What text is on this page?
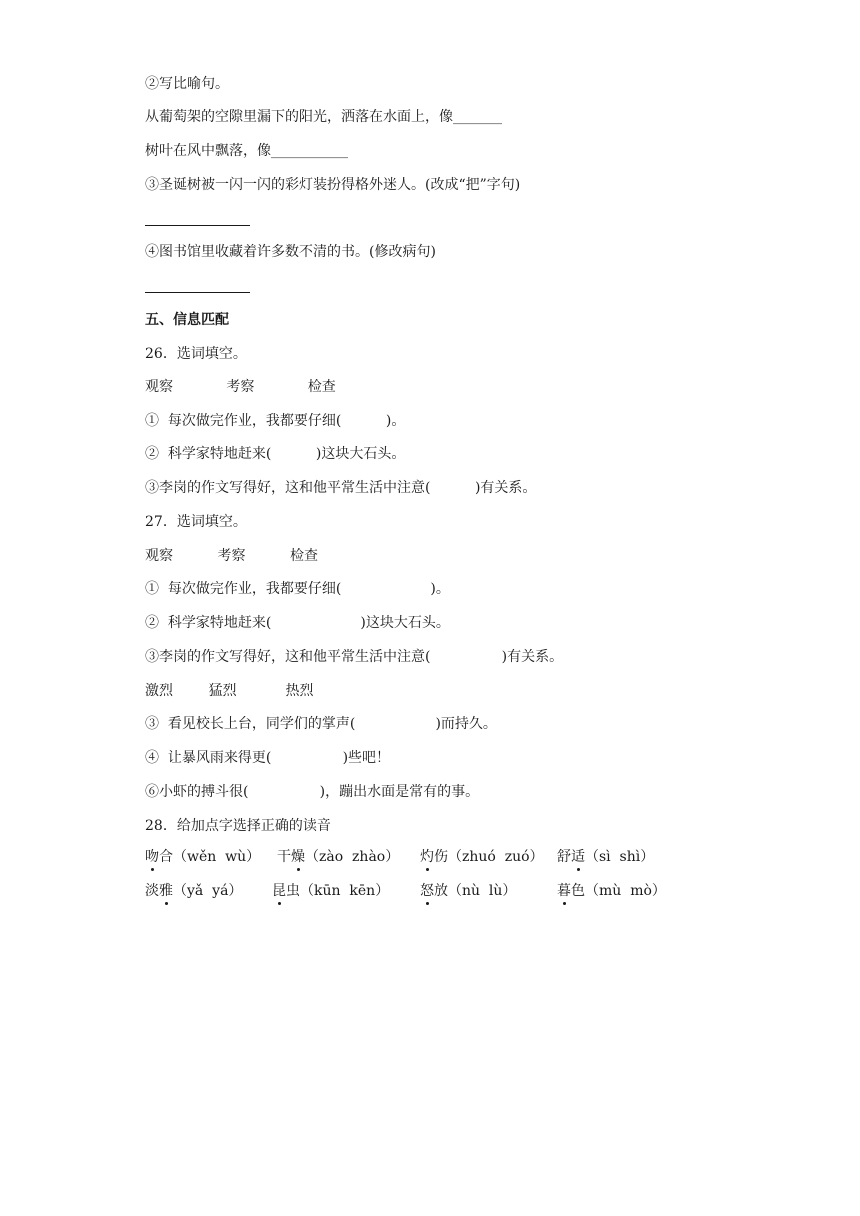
②写比喻句。
从葡萄架的空隙里漏下的阳光，洒落在水面上，像_______
树叶在风中飘落，像___________
③圣诞树被一闪一闪的彩灯装扮得格外迷人。(改成“把”字句)
④图书馆里收藏着许多数不清的书。(修改病句)
五、信息匹配
26．选词填空。
观察            考察            检查
①  每次做完作业，我都要仔细(          )。
②  科学家特地赶来(          )这块大石头。
③李岗的作文写得好，这和他平常生活中注意(          )有关系。
27．选词填空。
观察          考察          检查
①  每次做完作业，我都要仔细(                    )。
②  科学家特地赶来(                    )这块大石头。
③李岗的作文写得好，这和他平常生活中注意(                )有关系。
激烈        猛烈           热烈
③  看见校长上台，同学们的掌声(                  )而持久。
④  让暴风雨来得更(                )些吧！
⑥小虾的搏斗很(                )，蹦出水面是常有的事。
28．给加点字选择正确的读音
吻合（wěn  wù） 干燥（zào  zhào） 灼伤（zhuó  zuó） 舒适（sì  shì）
淡雅（yǎ  yá） 昆虫（kūn  kēn） 怒放（nù  lù）	暮色（mù  mò）
